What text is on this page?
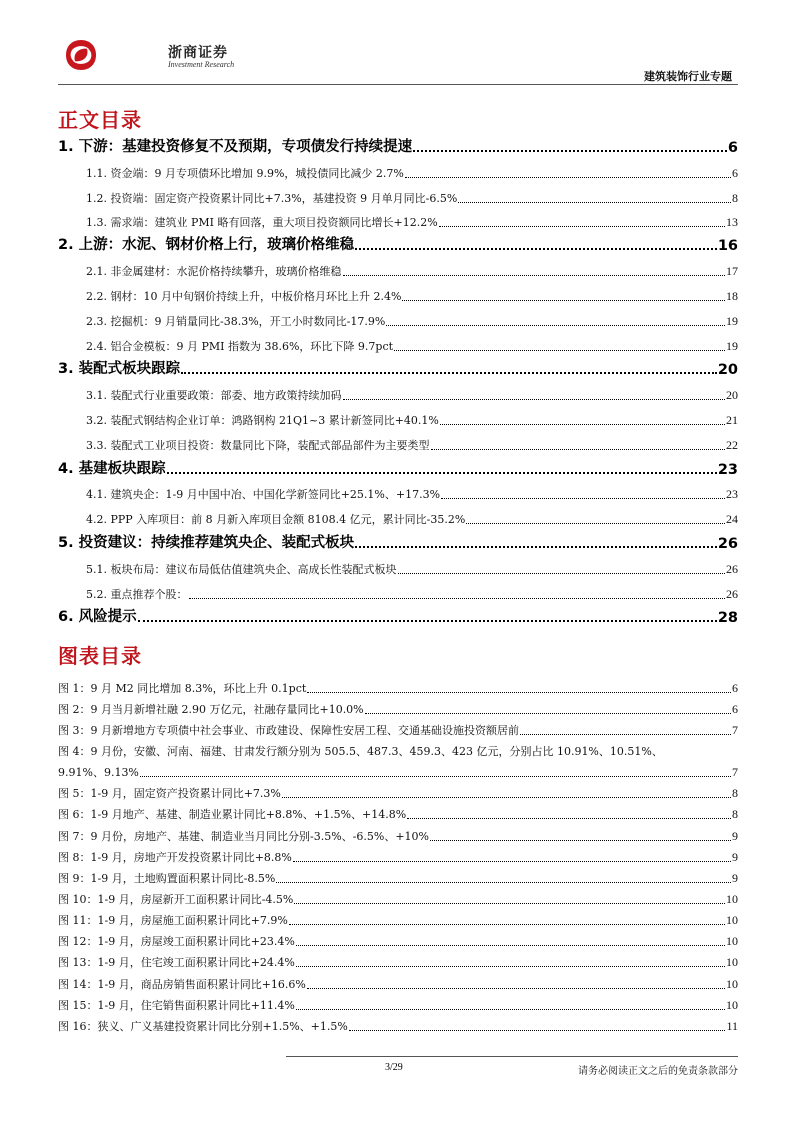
浙商证券
Investment Research
建筑装饰行业专题
正文目录
1. 下游：基建投资修复不及预期，专项债发行持续提速	6
1.1. 资金端：9 月专项债环比增加 9.9%，城投债同比减少 2.7%	6
1.2. 投资端：固定资产投资累计同比+7.3%，基建投资 9 月单月同比-6.5%	8
1.3. 需求端：建筑业 PMI 略有回落，重大项目投资额同比增长+12.2%	13
2. 上游：水泥、钢材价格上行，玻璃价格维稳	16
2.1. 非金属建材：水泥价格持续攀升，玻璃价格维稳	17
2.2. 钢材：10 月中旬钢价持续上升，中板价格月环比上升 2.4%	18
2.3. 挖掘机：9 月销量同比-38.3%，开工小时数同比-17.9%	19
2.4. 铝合金模板：9 月 PMI 指数为 38.6%，环比下降 9.7pct	19
3. 装配式板块跟踪	20
3.1. 装配式行业重要政策：部委、地方政策持续加码	20
3.2. 装配式钢结构企业订单：鸿路钢构 21Q1~3 累计新签同比+40.1%	21
3.3. 装配式工业项目投资：数量同比下降，装配式部品部件为主要类型	22
4. 基建板块跟踪	23
4.1. 建筑央企：1-9 月中国中冶、中国化学新签同比+25.1%、+17.3%	23
4.2. PPP 入库项目：前 8 月新入库项目金额 8108.4 亿元，累计同比-35.2%	24
5. 投资建议：持续推荐建筑央企、装配式板块	26
5.1. 板块布局：建议布局低估值建筑央企、高成长性装配式板块	26
5.2. 重点推荐个股：	26
6. 风险提示	28
图表目录
图 1：9 月 M2 同比增加 8.3%，环比上升 0.1pct	6
图 2：9 月当月新增社融 2.90 万亿元，社融存量同比+10.0%	6
图 3：9 月新增地方专项债中社会事业、市政建设、保障性安居工程、交通基础设施投资额居前	7
图 4：9 月份，安徽、河南、福建、甘肃发行额分别为 505.5、487.3、459.3、423 亿元，分别占比 10.91%、10.51%、
9.91%、9.13%	7
图 5：1-9 月，固定资产投资累计同比+7.3%	8
图 6：1-9 月地产、基建、制造业累计同比+8.8%、+1.5%、+14.8%	8
图 7：9 月份，房地产、基建、制造业当月同比分别-3.5%、-6.5%、+10%	9
图 8：1-9 月，房地产开发投资累计同比+8.8%	9
图 9：1-9 月，土地购置面积累计同比-8.5%	9
图 10：1-9 月，房屋新开工面积累计同比-4.5%	10
图 11：1-9 月，房屋施工面积累计同比+7.9%	10
图 12：1-9 月，房屋竣工面积累计同比+23.4%	10
图 13：1-9 月，住宅竣工面积累计同比+24.4%	10
图 14：1-9 月，商品房销售面积累计同比+16.6%	10
图 15：1-9 月，住宅销售面积累计同比+11.4%	10
图 16：狭义、广义基建投资累计同比分别+1.5%、+1.5%	11
3/29	请务必阅读正文之后的免责条款部分
